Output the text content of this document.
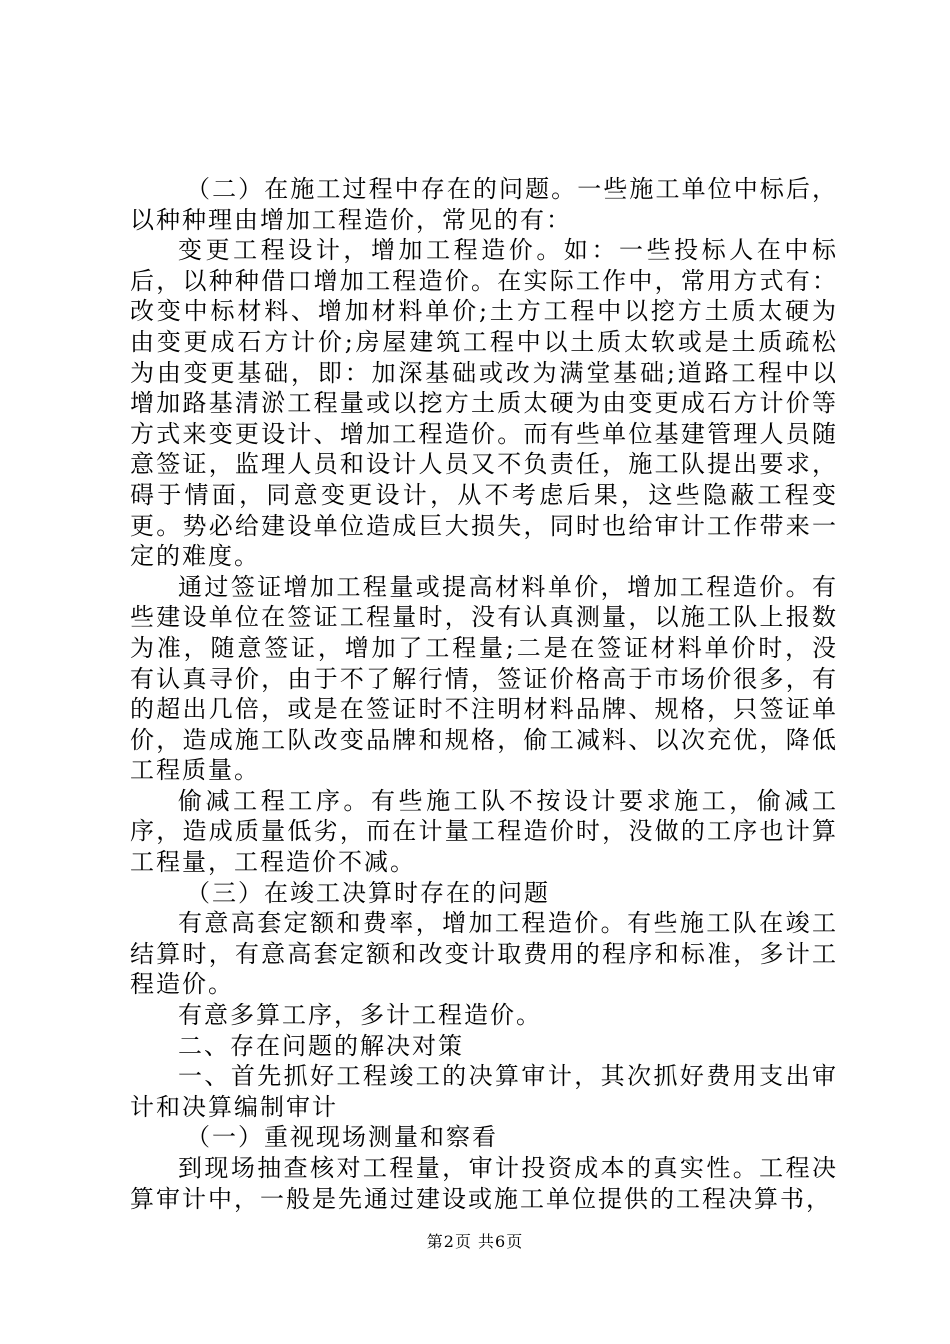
（二）在施工过程中存在的问题。一些施工单位中标后，以种种理由增加工程造价，常见的有：

变更工程设计，增加工程造价。如：一些投标人在中标后，以种种借口增加工程造价。在实际工作中，常用方式有：改变中标材料、增加材料单价;土方工程中以挖方土质太硬为由变更成石方计价;房屋建筑工程中以土质太软或是土质疏松为由变更基础，即：加深基础或改为满堂基础;道路工程中以增加路基清淤工程量或以挖方土质太硬为由变更成石方计价等方式来变更设计、增加工程造价。而有些单位基建管理人员随意签证，监理人员和设计人员又不负责任，施工队提出要求，碍于情面，同意变更设计，从不考虑后果，这些隐蔽工程变更。势必给建设单位造成巨大损失，同时也给审计工作带来一定的难度。

通过签证增加工程量或提高材料单价，增加工程造价。有些建设单位在签证工程量时，没有认真测量，以施工队上报数为准，随意签证，增加了工程量;二是在签证材料单价时，没有认真寻价，由于不了解行情，签证价格高于市场价很多，有的超出几倍，或是在签证时不注明材料品牌、规格，只签证单价，造成施工队改变品牌和规格，偷工减料、以次充优，降低工程质量。

偷减工程工序。有些施工队不按设计要求施工，偷减工序，造成质量低劣，而在计量工程造价时，没做的工序也计算工程量，工程造价不减。

（三）在竣工决算时存在的问题

有意高套定额和费率，增加工程造价。有些施工队在竣工结算时，有意高套定额和改变计取费用的程序和标准，多计工程造价。

有意多算工序，多计工程造价。

二、存在问题的解决对策

一、首先抓好工程竣工的决算审计，其次抓好费用支出审计和决算编制审计

（一）重视现场测量和察看

到现场抽查核对工程量，审计投资成本的真实性。工程决算审计中，一般是先通过建设或施工单位提供的工程决算书，

第2页 共6页
